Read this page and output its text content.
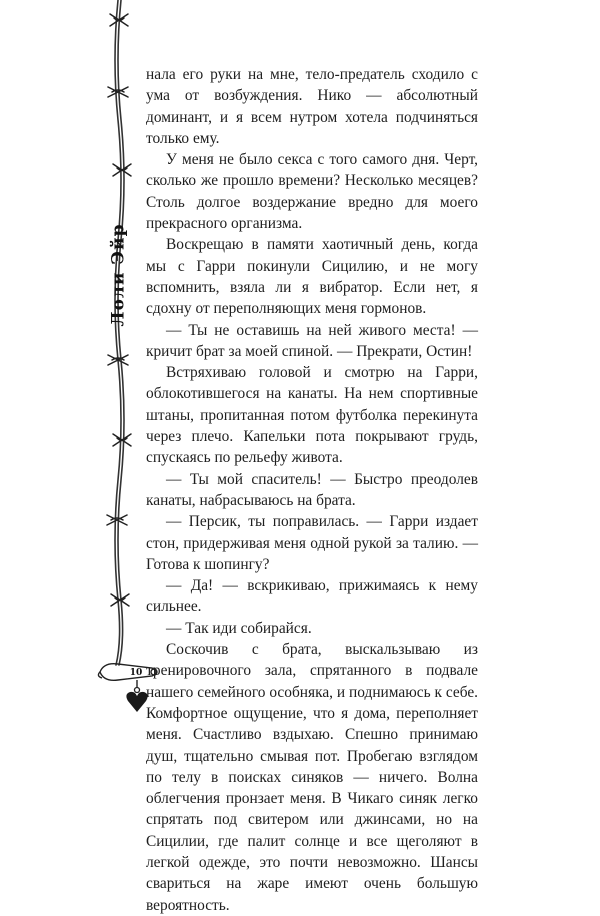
Лоли Эйр

нала его руки на мне, тело-предатель сходило с ума от возбуждения. Нико — абсолютный доминант, и я всем нутром хотела подчиняться только ему.

У меня не было секса с того самого дня. Черт, сколько же прошло времени? Несколько месяцев? Столь долгое воздержание вредно для моего прекрасного организма.

Воскрещаю в памяти хаотичный день, когда мы с Гарри покинули Сицилию, и не могу вспомнить, взяла ли я вибратор. Если нет, я сдохну от переполняющих меня гормонов.

— Ты не оставишь на ней живого места! — кричит брат за моей спиной. — Прекрати, Остин!

Встряхиваю головой и смотрю на Гарри, облокотившегося на канаты. На нем спортивные штаны, пропитанная потом футболка перекинута через плечо. Капельки пота покрывают грудь, спускаясь по рельефу живота.

— Ты мой спаситель! — Быстро преодолев канаты, набрасываюсь на брата.

— Персик, ты поправилась. — Гарри издает стон, придерживая меня одной рукой за талию. — Готова к шопингу?

— Да! — вскрикиваю, прижимаясь к нему сильнее.

— Так иди собирайся.

Соскочив с брата, выскальзываю из тренировочного зала, спрятанного в подвале нашего семейного особняка, и поднимаюсь к себе. Комфортное ощущение, что я дома, переполняет меня. Счастливо вздыхаю. Спешно принимаю душ, тщательно смывая пот. Пробегаю взглядом по телу в поисках синяков — ничего. Волна облегчения пронзает меня. В Чикаго синяк легко спрятать под свитером или джинсами, но на Сицилии, где палит солнце и все щеголяют в легкой одежде, это почти невозможно. Шансы свариться на жаре имеют очень большую вероятность.

10
